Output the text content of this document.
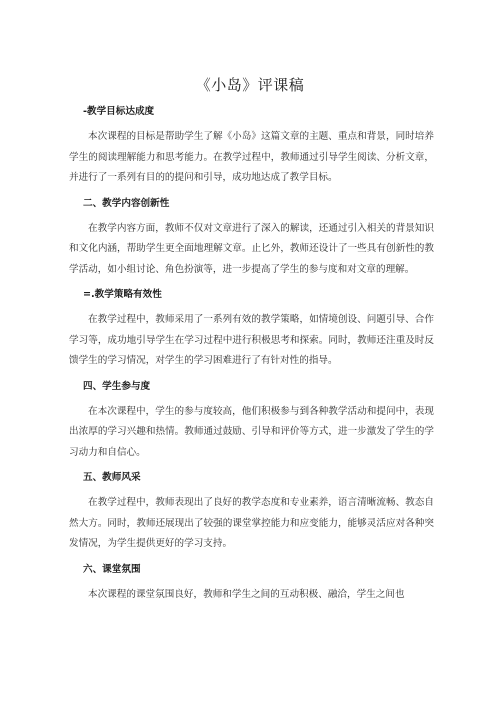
《小岛》评课稿

-教学目标达成度

本次课程的目标是帮助学生了解《小岛》这篇文章的主题、重点和背景，同时培养学生的阅读理解能力和思考能力。在教学过程中，教师通过引导学生阅读、分析文章，并进行了一系列有目的的提问和引导，成功地达成了教学目标。

二、教学内容创新性

在教学内容方面，教师不仅对文章进行了深入的解读，还通过引入相关的背景知识和文化内涵，帮助学生更全面地理解文章。止匕外，教师还设计了一些具有创新性的教学活动，如小组讨论、角色扮演等，进一步提高了学生的参与度和对文章的理解。

=.教学策略有效性

在教学过程中，教师采用了一系列有效的教学策略，如情境创设、问题引导、合作学习等，成功地引导学生在学习过程中进行积极思考和探索。同时，教师还注重及时反馈学生的学习情况，对学生的学习困难进行了有针对性的指导。

四、学生参与度

在本次课程中，学生的参与度较高，他们积极参与到各种教学活动和提问中，表现出浓厚的学习兴趣和热情。教师通过鼓励、引导和评价等方式，进一步激发了学生的学习动力和自信心。

五、教师风采

在教学过程中，教师表现出了良好的教学态度和专业素养，语言清晰流畅、教态自然大方。同时，教师还展现出了较强的课堂掌控能力和应变能力，能够灵活应对各种突发情况，为学生提供更好的学习支持。

六、课堂氛围

本次课程的课堂氛围良好，教师和学生之间的互动积极、融洽，学生之间也
